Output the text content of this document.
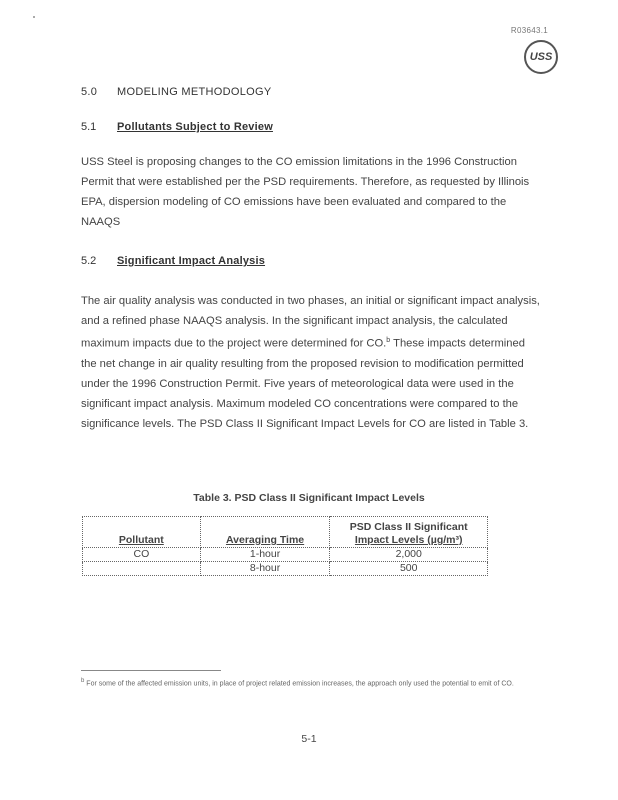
R03643.1
USS
5.0 MODELING METHODOLOGY
5.1 Pollutants Subject to Review
USS Steel is proposing changes to the CO emission limitations in the 1996 Construction Permit that were established per the PSD requirements. Therefore, as requested by Illinois EPA, dispersion modeling of CO emissions have been evaluated and compared to the NAAQS
5.2 Significant Impact Analysis
The air quality analysis was conducted in two phases, an initial or significant impact analysis, and a refined phase NAAQS analysis. In the significant impact analysis, the calculated maximum impacts due to the project were determined for CO.$^b$ These impacts determined the net change in air quality resulting from the proposed revision to modification permitted under the 1996 Construction Permit. Five years of meteorological data were used in the significant impact analysis. Maximum modeled CO concentrations were compared to the significance levels. The PSD Class II Significant Impact Levels for CO are listed in Table 3.
Table 3. PSD Class II Significant Impact Levels
Pollutant	Averaging Time	PSD Class II Significant
Impact Levels (µg/m³)
CO	1-hour	2,000
	8-hour	500
$^b$ For some of the affected emission units, in place of project related emission increases, the approach only used the potential to emit of CO.
5-1
